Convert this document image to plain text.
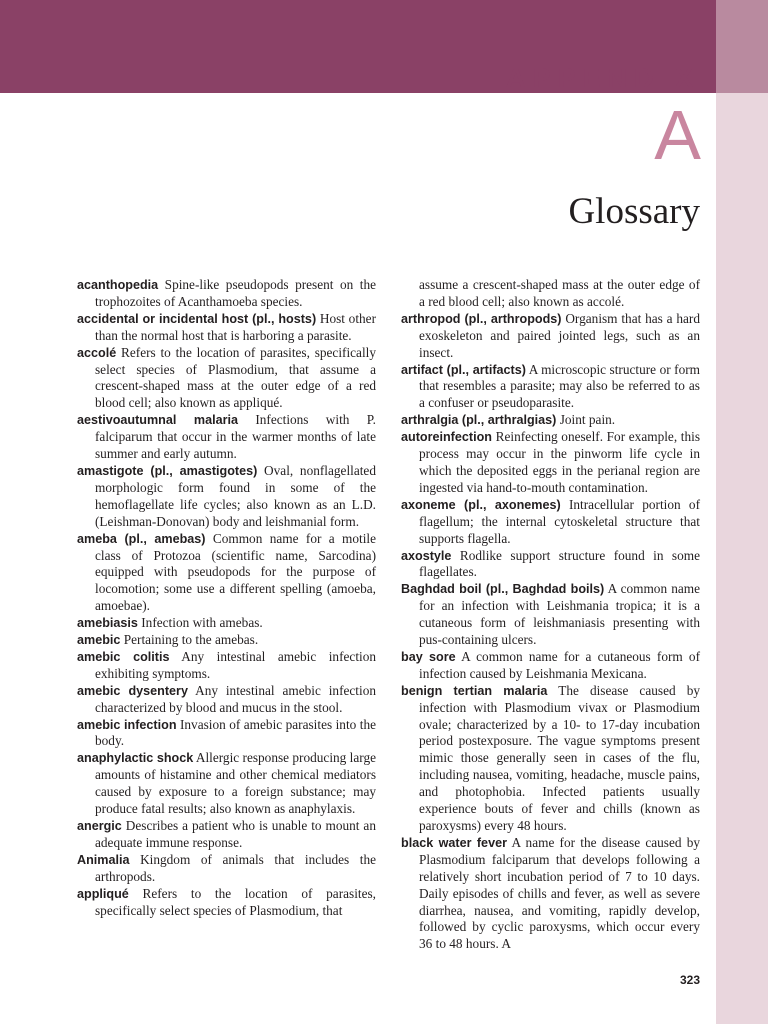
APPENDIX
A
Glossary

acanthopedia Spine-like pseudopods present on the trophozoites of Acanthamoeba species.

accidental or incidental host (pl., hosts) Host other than the normal host that is harboring a parasite.

accolé Refers to the location of parasites, specifically select species of Plasmodium, that assume a crescent-shaped mass at the outer edge of a red blood cell; also known as appliqué.

aestivoautumnal malaria Infections with P. falciparum that occur in the warmer months of late summer and early autumn.

amastigote (pl., amastigotes) Oval, nonflagellated morphologic form found in some of the hemoflagellate life cycles; also known as an L.D. (Leishman-Donovan) body and leishmanial form.

ameba (pl., amebas) Common name for a motile class of Protozoa (scientific name, Sarcodina) equipped with pseudopods for the purpose of locomotion; some use a different spelling (amoeba, amoebae).

amebiasis Infection with amebas.

amebic Pertaining to the amebas.

amebic colitis Any intestinal amebic infection exhibiting symptoms.

amebic dysentery Any intestinal amebic infection characterized by blood and mucus in the stool.

amebic infection Invasion of amebic parasites into the body.

anaphylactic shock Allergic response producing large amounts of histamine and other chemical mediators caused by exposure to a foreign substance; may produce fatal results; also known as anaphylaxis.

anergic Describes a patient who is unable to mount an adequate immune response.

Animalia Kingdom of animals that includes the arthropods.

appliqué Refers to the location of parasites, specifically select species of Plasmodium, that

assume a crescent-shaped mass at the outer edge of a red blood cell; also known as accolé.

arthropod (pl., arthropods) Organism that has a hard exoskeleton and paired jointed legs, such as an insect.

artifact (pl., artifacts) A microscopic structure or form that resembles a parasite; may also be referred to as a confuser or pseudoparasite.

arthralgia (pl., arthralgias) Joint pain.

autoreinfection Reinfecting oneself. For example, this process may occur in the pinworm life cycle in which the deposited eggs in the perianal region are ingested via hand-to-mouth contamination.

axoneme (pl., axonemes) Intracellular portion of flagellum; the internal cytoskeletal structure that supports flagella.

axostyle Rodlike support structure found in some flagellates.

Baghdad boil (pl., Baghdad boils) A common name for an infection with Leishmania tropica; it is a cutaneous form of leishmaniasis presenting with pus-containing ulcers.

bay sore A common name for a cutaneous form of infection caused by Leishmania Mexicana.

benign tertian malaria The disease caused by infection with Plasmodium vivax or Plasmodium ovale; characterized by a 10- to 17-day incubation period postexposure. The vague symptoms present mimic those generally seen in cases of the flu, including nausea, vomiting, headache, muscle pains, and photophobia. Infected patients usually experience bouts of fever and chills (known as paroxysms) every 48 hours.

black water fever A name for the disease caused by Plasmodium falciparum that develops following a relatively short incubation period of 7 to 10 days. Daily episodes of chills and fever, as well as severe diarrhea, nausea, and vomiting, rapidly develop, followed by cyclic paroxysms, which occur every 36 to 48 hours. A

323
